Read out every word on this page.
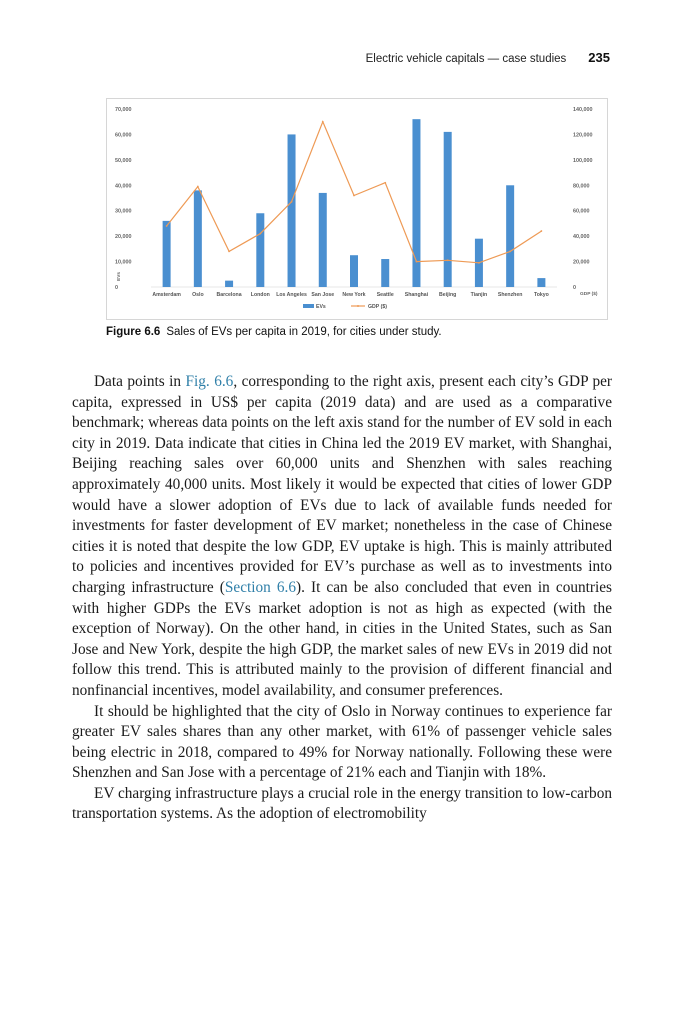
Electric vehicle capitals — case studies 235
0
10,000
20,000
30,000
40,000
50,000
60,000
70,000
0
20,000
40,000
60,000
80,000
100,000
120,000
140,000
EVs
GDP ($)
Amsterdam Oslo Barcelona London Los Angeles San Jose New York Seattle Shanghai Beijing	Tianjin Shenzhen Tokyo
EVs	GDP ($)
Figure 6.6 Sales of EVs per capita in 2019, for cities under study.

Data points in Fig. 6.6, corresponding to the right axis, present each city’s GDP per capita, expressed in US$ per capita (2019 data) and are used as a comparative benchmark; whereas data points on the left axis stand for the number of EV sold in each city in 2019. Data indicate that cities in China led the 2019 EV market, with Shanghai, Beijing reaching sales over 60,000 units and Shenzhen with sales reaching approximately 40,000 units. Most likely it would be expected that cities of lower GDP would have a slower adoption of EVs due to lack of available funds needed for investments for faster development of EV market; nonetheless in the case of Chinese cities it is noted that despite the low GDP, EV uptake is high. This is mainly attributed to policies and incentives provided for EV’s purchase as well as to investments into charging infrastructure (Section 6.6). It can be also concluded that even in countries with higher GDPs the EVs market adoption is not as high as expected (with the exception of Norway). On the other hand, in cities in the United States, such as San Jose and New York, despite the high GDP, the market sales of new EVs in 2019 did not follow this trend. This is attributed mainly to the provision of different financial and nonfinancial incentives, model availability, and consumer preferences.

It should be highlighted that the city of Oslo in Norway continues to experience far greater EV sales shares than any other market, with 61% of passenger vehicle sales being electric in 2018, compared to 49% for Norway nationally. Following these were Shenzhen and San Jose with a percentage of 21% each and Tianjin with 18%.

EV charging infrastructure plays a crucial role in the energy transition to low-carbon transportation systems. As the adoption of electromobility
